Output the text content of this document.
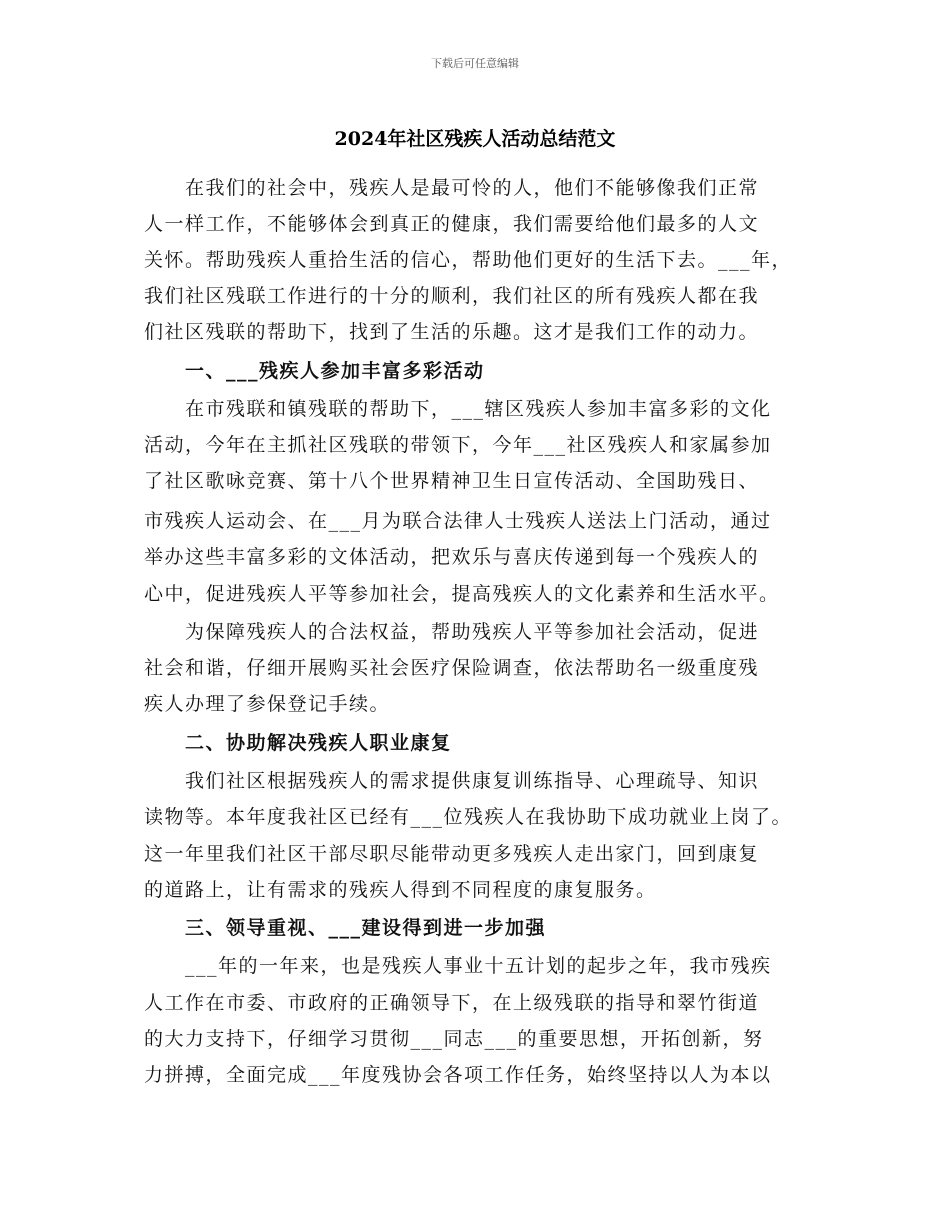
下载后可任意编辑
2024年社区残疾人活动总结范文
　　在我们的社会中，残疾人是最可怜的人，他们不能够像我们正常
人一样工作，不能够体会到真正的健康，我们需要给他们最多的人文
关怀。帮助残疾人重拾生活的信心，帮助他们更好的生活下去。___年，
我们社区残联工作进行的十分的顺利，我们社区的所有残疾人都在我
们社区残联的帮助下，找到了生活的乐趣。这才是我们工作的动力。
　　一、___残疾人参加丰富多彩活动
　　在市残联和镇残联的帮助下，___辖区残疾人参加丰富多彩的文化
活动，今年在主抓社区残联的带领下，今年___社区残疾人和家属参加
了社区歌咏竞赛、第十八个世界精神卫生日宣传活动、全国助残日、
市残疾人运动会、在___月为联合法律人士残疾人送法上门活动，通过
举办这些丰富多彩的文体活动，把欢乐与喜庆传递到每一个残疾人的
心中，促进残疾人平等参加社会，提高残疾人的文化素养和生活水平。
　　为保障残疾人的合法权益，帮助残疾人平等参加社会活动，促进
社会和谐，仔细开展购买社会医疗保险调查，依法帮助名一级重度残
疾人办理了参保登记手续。
　　二、协助解决残疾人职业康复
　　我们社区根据残疾人的需求提供康复训练指导、心理疏导、知识
读物等。本年度我社区已经有___位残疾人在我协助下成功就业上岗了。
这一年里我们社区干部尽职尽能带动更多残疾人走出家门，回到康复
的道路上，让有需求的残疾人得到不同程度的康复服务。
　　三、领导重视、___建设得到进一步加强
　　___年的一年来，也是残疾人事业十五计划的起步之年，我市残疾
人工作在市委、市政府的正确领导下，在上级残联的指导和翠竹街道
的大力支持下，仔细学习贯彻___同志___的重要思想，开拓创新，努
力拼搏，全面完成___年度残协会各项工作任务，始终坚持以人为本以
